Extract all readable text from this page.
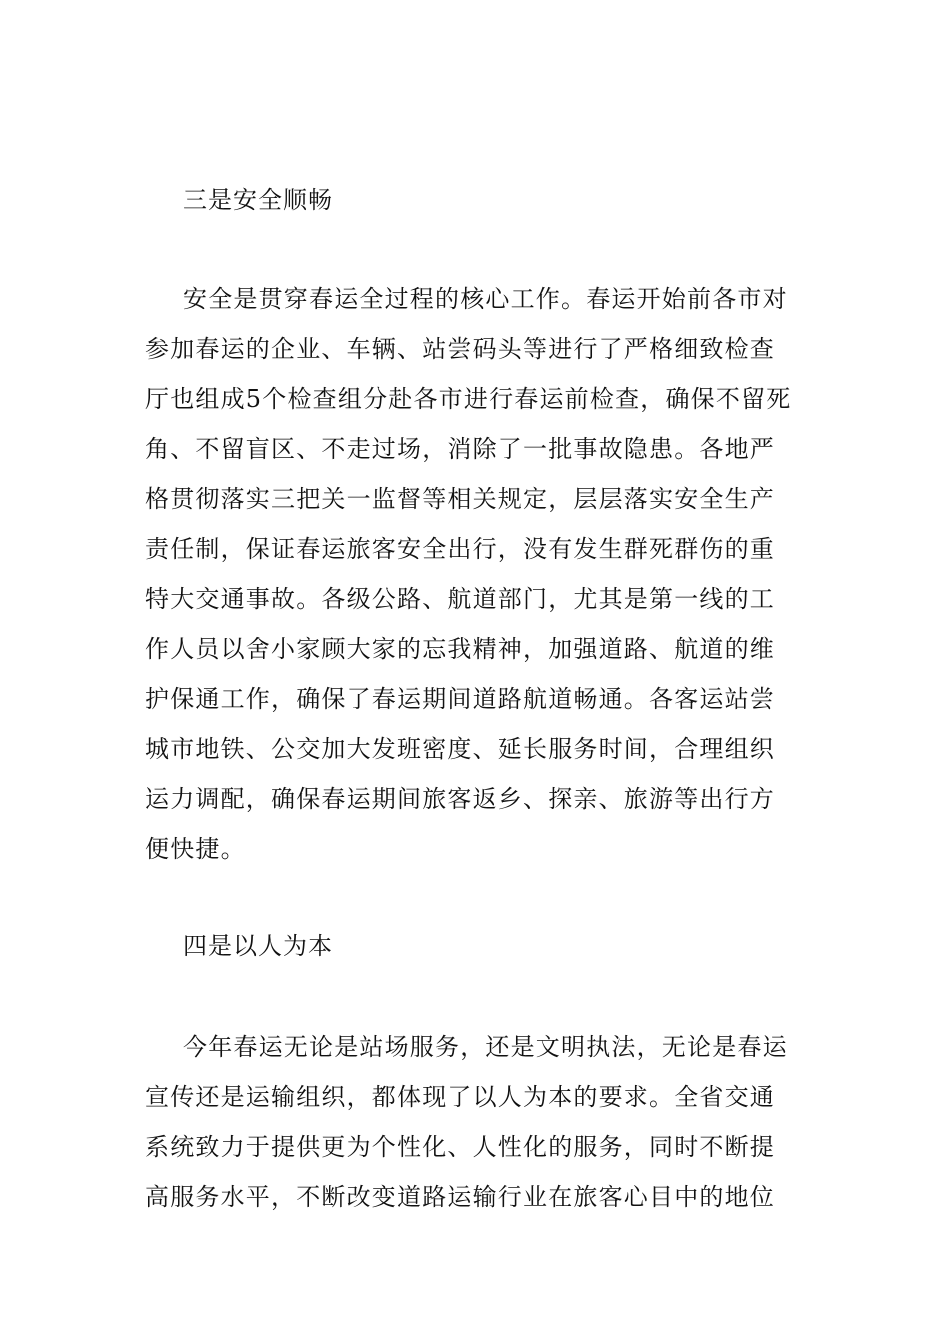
三是安全顺畅
安全是贯穿春运全过程的核心工作。春运开始前各市对
参加春运的企业、车辆、站尝码头等进行了严格细致检查
厅也组成5个检查组分赴各市进行春运前检查，确保不留死
角、不留盲区、不走过场，消除了一批事故隐患。各地严
格贯彻落实三把关一监督等相关规定，层层落实安全生产
责任制，保证春运旅客安全出行，没有发生群死群伤的重
特大交通事故。各级公路、航道部门，尤其是第一线的工
作人员以舍小家顾大家的忘我精神，加强道路、航道的维
护保通工作，确保了春运期间道路航道畅通。各客运站尝
城市地铁、公交加大发班密度、延长服务时间，合理组织
运力调配，确保春运期间旅客返乡、探亲、旅游等出行方
便快捷。
四是以人为本
今年春运无论是站场服务，还是文明执法，无论是春运
宣传还是运输组织，都体现了以人为本的要求。全省交通
系统致力于提供更为个性化、人性化的服务，同时不断提
高服务水平，不断改变道路运输行业在旅客心目中的地位
